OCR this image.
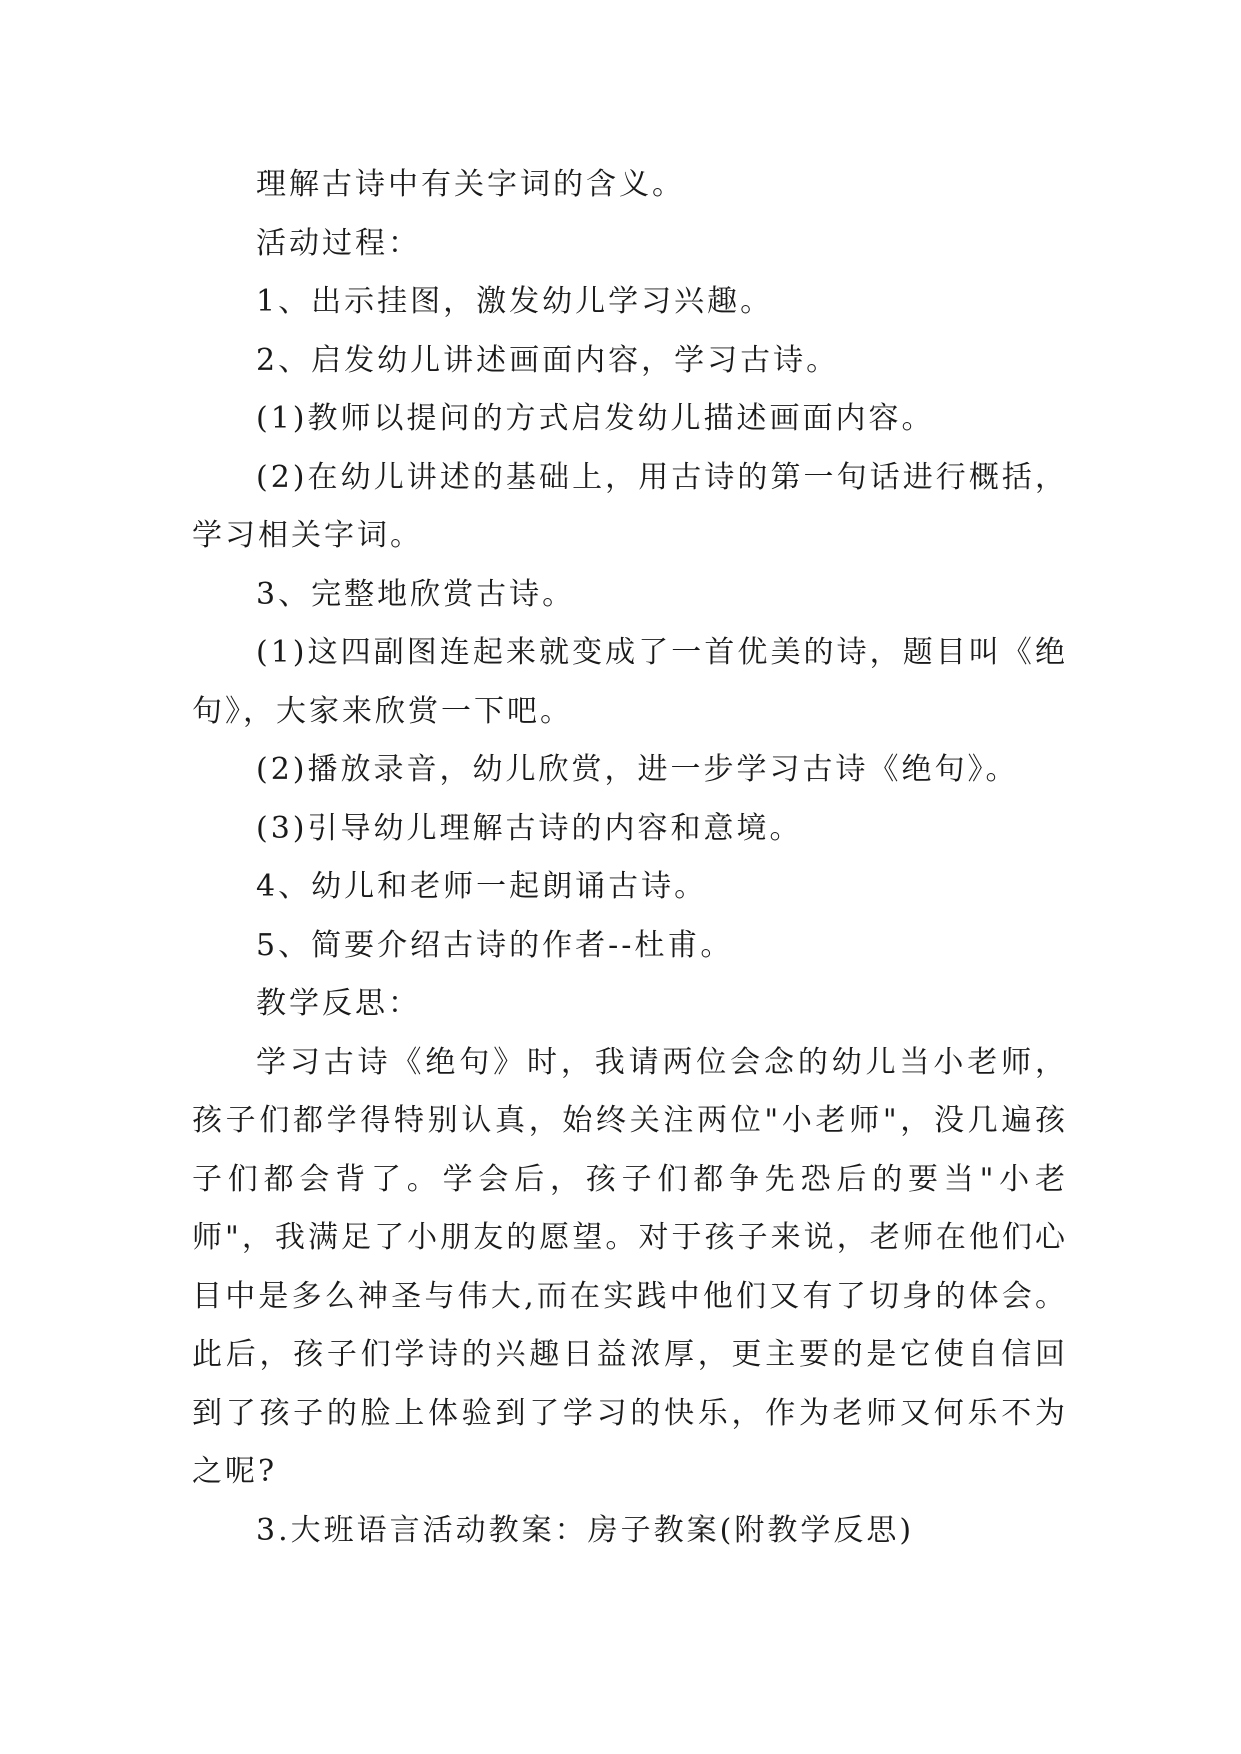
理解古诗中有关字词的含义。

活动过程：

1、出示挂图，激发幼儿学习兴趣。

2、启发幼儿讲述画面内容，学习古诗。

(1)教师以提问的方式启发幼儿描述画面内容。

(2)在幼儿讲述的基础上，用古诗的第一句话进行概括，学习相关字词。

3、完整地欣赏古诗。

(1)这四副图连起来就变成了一首优美的诗，题目叫《绝句》，大家来欣赏一下吧。

(2)播放录音，幼儿欣赏，进一步学习古诗《绝句》。

(3)引导幼儿理解古诗的内容和意境。

4、幼儿和老师一起朗诵古诗。

5、简要介绍古诗的作者--杜甫。

教学反思：

学习古诗《绝句》时，我请两位会念的幼儿当小老师，孩子们都学得特别认真，始终关注两位"小老师"，没几遍孩子们都会背了。学会后，孩子们都争先恐后的要当"小老师"，我满足了小朋友的愿望。对于孩子来说，老师在他们心目中是多么神圣与伟大,而在实践中他们又有了切身的体会。此后，孩子们学诗的兴趣日益浓厚，更主要的是它使自信回到了孩子的脸上体验到了学习的快乐，作为老师又何乐不为之呢?

3.大班语言活动教案：房子教案(附教学反思)
